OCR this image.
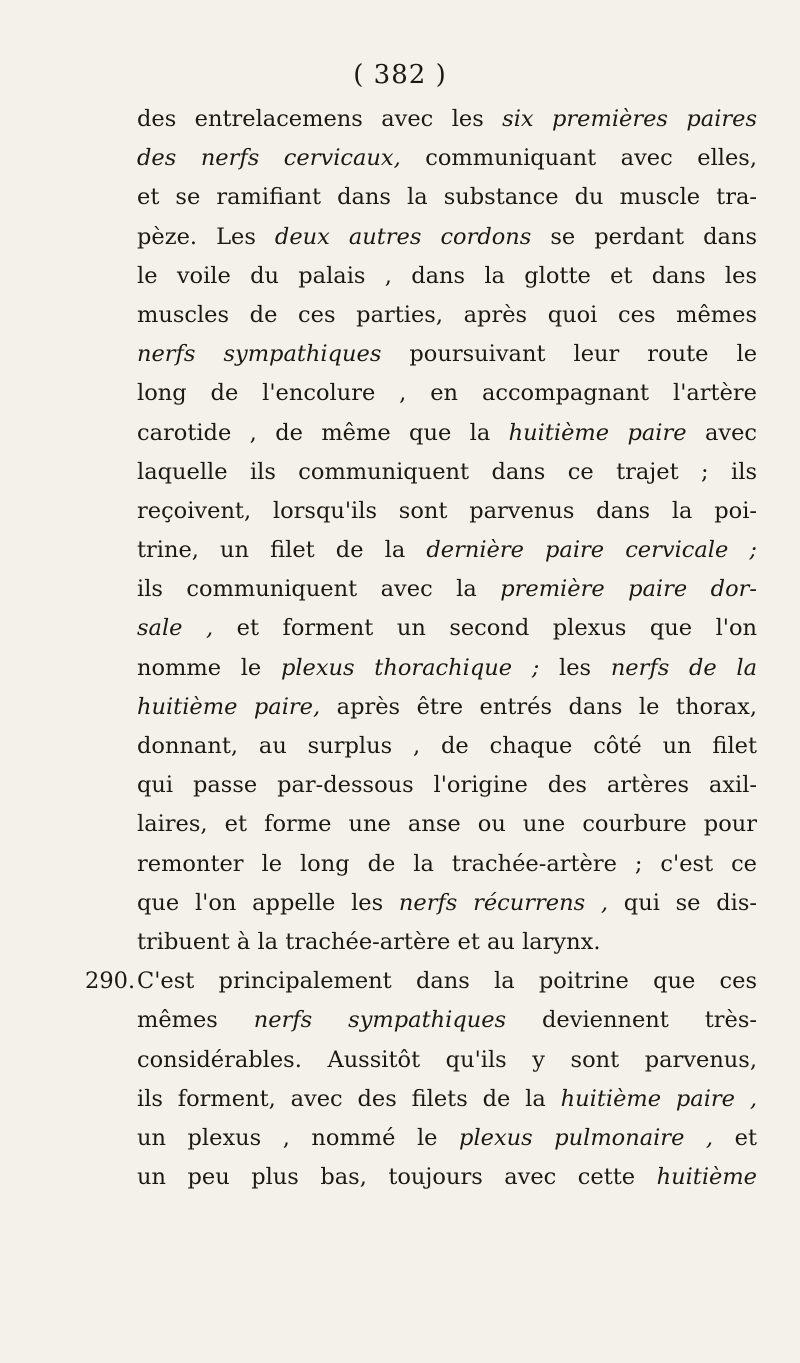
( 382 )
des entrelacemens avec les six premières paires
des nerfs cervicaux, communiquant avec elles,
et se ramifiant dans la substance du muscle tra-
pèze. Les deux autres cordons se perdant dans
le voile du palais , dans la glotte et dans les
muscles de ces parties, après quoi ces mêmes
nerfs sympathiques poursuivant leur route le
long de l'encolure , en accompagnant l'artère
carotide , de même que la huitième paire avec
laquelle ils communiquent dans ce trajet ; ils
reçoivent, lorsqu'ils sont parvenus dans la poi-
trine, un filet de la dernière paire cervicale ;
ils communiquent avec la première paire dor-
sale , et forment un second plexus que l'on
nomme le plexus thorachique ; les nerfs de la
huitième paire, après être entrés dans le thorax,
donnant, au surplus , de chaque côté un filet
qui passe par-dessous l'origine des artères axil-
laires, et forme une anse ou une courbure pour
remonter le long de la trachée-artère ; c'est ce
que l'on appelle les nerfs récurrens , qui se dis-
tribuent à la trachée-artère et au larynx.
C'est principalement dans la poitrine que ces
mêmes nerfs sympathiques deviennent très-
considérables. Aussitôt qu'ils y sont parvenus,
ils forment, avec des filets de la huitième paire ,
un plexus , nommé le plexus pulmonaire , et
un peu plus bas, toujours avec cette huitième
290.
